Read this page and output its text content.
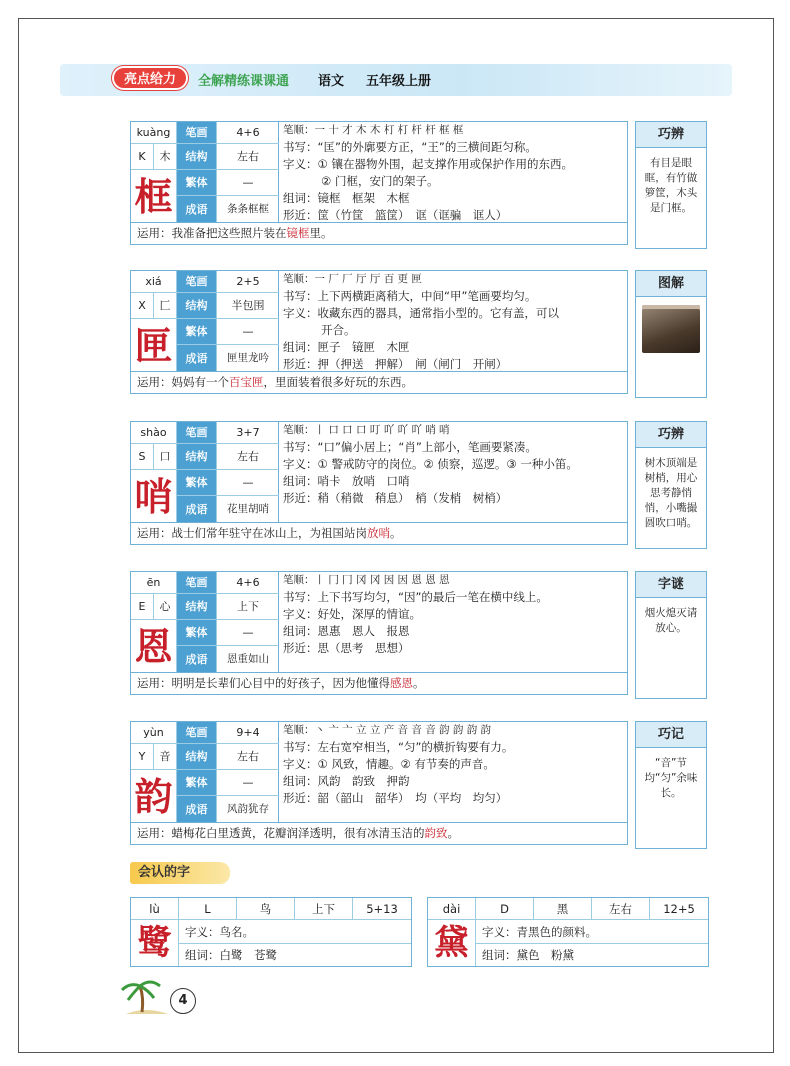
亮点给力	全解精练课课通 语文 五年级上册
kuàng	笔画	4+6
K	木	结构	左右
框	繁体	—
成语	条条框框
笔顺：一 十 才 木 木 朾 朾 杆 杆 框 框
书写：“匡”的外廓要方正，“王”的三横间距匀称。
字义：① 镶在器物外围，起支撑作用或保护作用的东西。
② 门框，安门的架子。
组词：镜框　框架　木框
形近：筐（竹筐　篮筐）　诓（诓骗　诓人）
运用：我准备把这些照片装在镜框里。
巧辨
有目是眼眶，有竹做箩筐，木头是门框。
xiá	笔画	2+5
X	匚	结构	半包围
匣	繁体	—
成语	匣里龙吟
笔顺：一 厂 厂 厅 厅 百 更 匣
书写：上下两横距离稍大，中间“甲”笔画要均匀。
字义：收藏东西的器具，通常指小型的。它有盖，可以
开合。
组词：匣子　镜匣　木匣
形近：押（押送　押解）　闸（闸门　开闸）
运用：妈妈有一个百宝匣，里面装着很多好玩的东西。
图解
shào	笔画	3+7
S	口	结构	左右
哨	繁体	—
成语	花里胡哨
笔顺：丨 口 口 口 叮 吖 吖 吖 哨 哨
书写：“口”偏小居上；“肖”上部小，笔画要紧凑。
字义：① 警戒防守的岗位。② 侦察，巡逻。③ 一种小笛。
组词：哨卡　放哨　口哨
形近：稍（稍微　稍息）　梢（发梢　树梢）
运用：战士们常年驻守在冰山上，为祖国站岗放哨。
巧辨
树木顶端是树梢，用心思考静悄悄，小嘴撮圆吹口哨。
ēn	笔画	4+6
E	心	结构	上下
恩	繁体	—
成语	恩重如山
笔顺：丨 冂 冂 冈 冈 因 因 恩 恩 恩
书写：上下书写均匀，“因”的最后一笔在横中线上。
字义：好处，深厚的情谊。
组词：恩惠　恩人　报恩
形近：思（思考　思想）
运用：明明是长辈们心目中的好孩子，因为他懂得感恩。
字谜
烟火熄灭请放心。
yùn	笔画	9+4
Y	音	结构	左右
韵	繁体	—
成语	风韵犹存
笔顺：丶 亠 亠 立 立 产 音 音 音 韵 韵 韵 韵
书写：左右宽窄相当，“匀”的横折钩要有力。
字义：① 风致，情趣。② 有节奏的声音。
组词：风韵　韵致　押韵
形近：韶（韶山　韶华）　均（平均　均匀）
运用：蜡梅花白里透黄，花瓣润泽透明，很有冰清玉洁的韵致。
巧记
“音”节均“匀”余味长。
会认的字
lù	L	鸟	上下	5+13
鹭	字义：鸟名。
组词：白鹭　苍鹭
dài	D	黑	左右	12+5
黛	字义：青黑色的颜料。
组词：黛色　粉黛
4
